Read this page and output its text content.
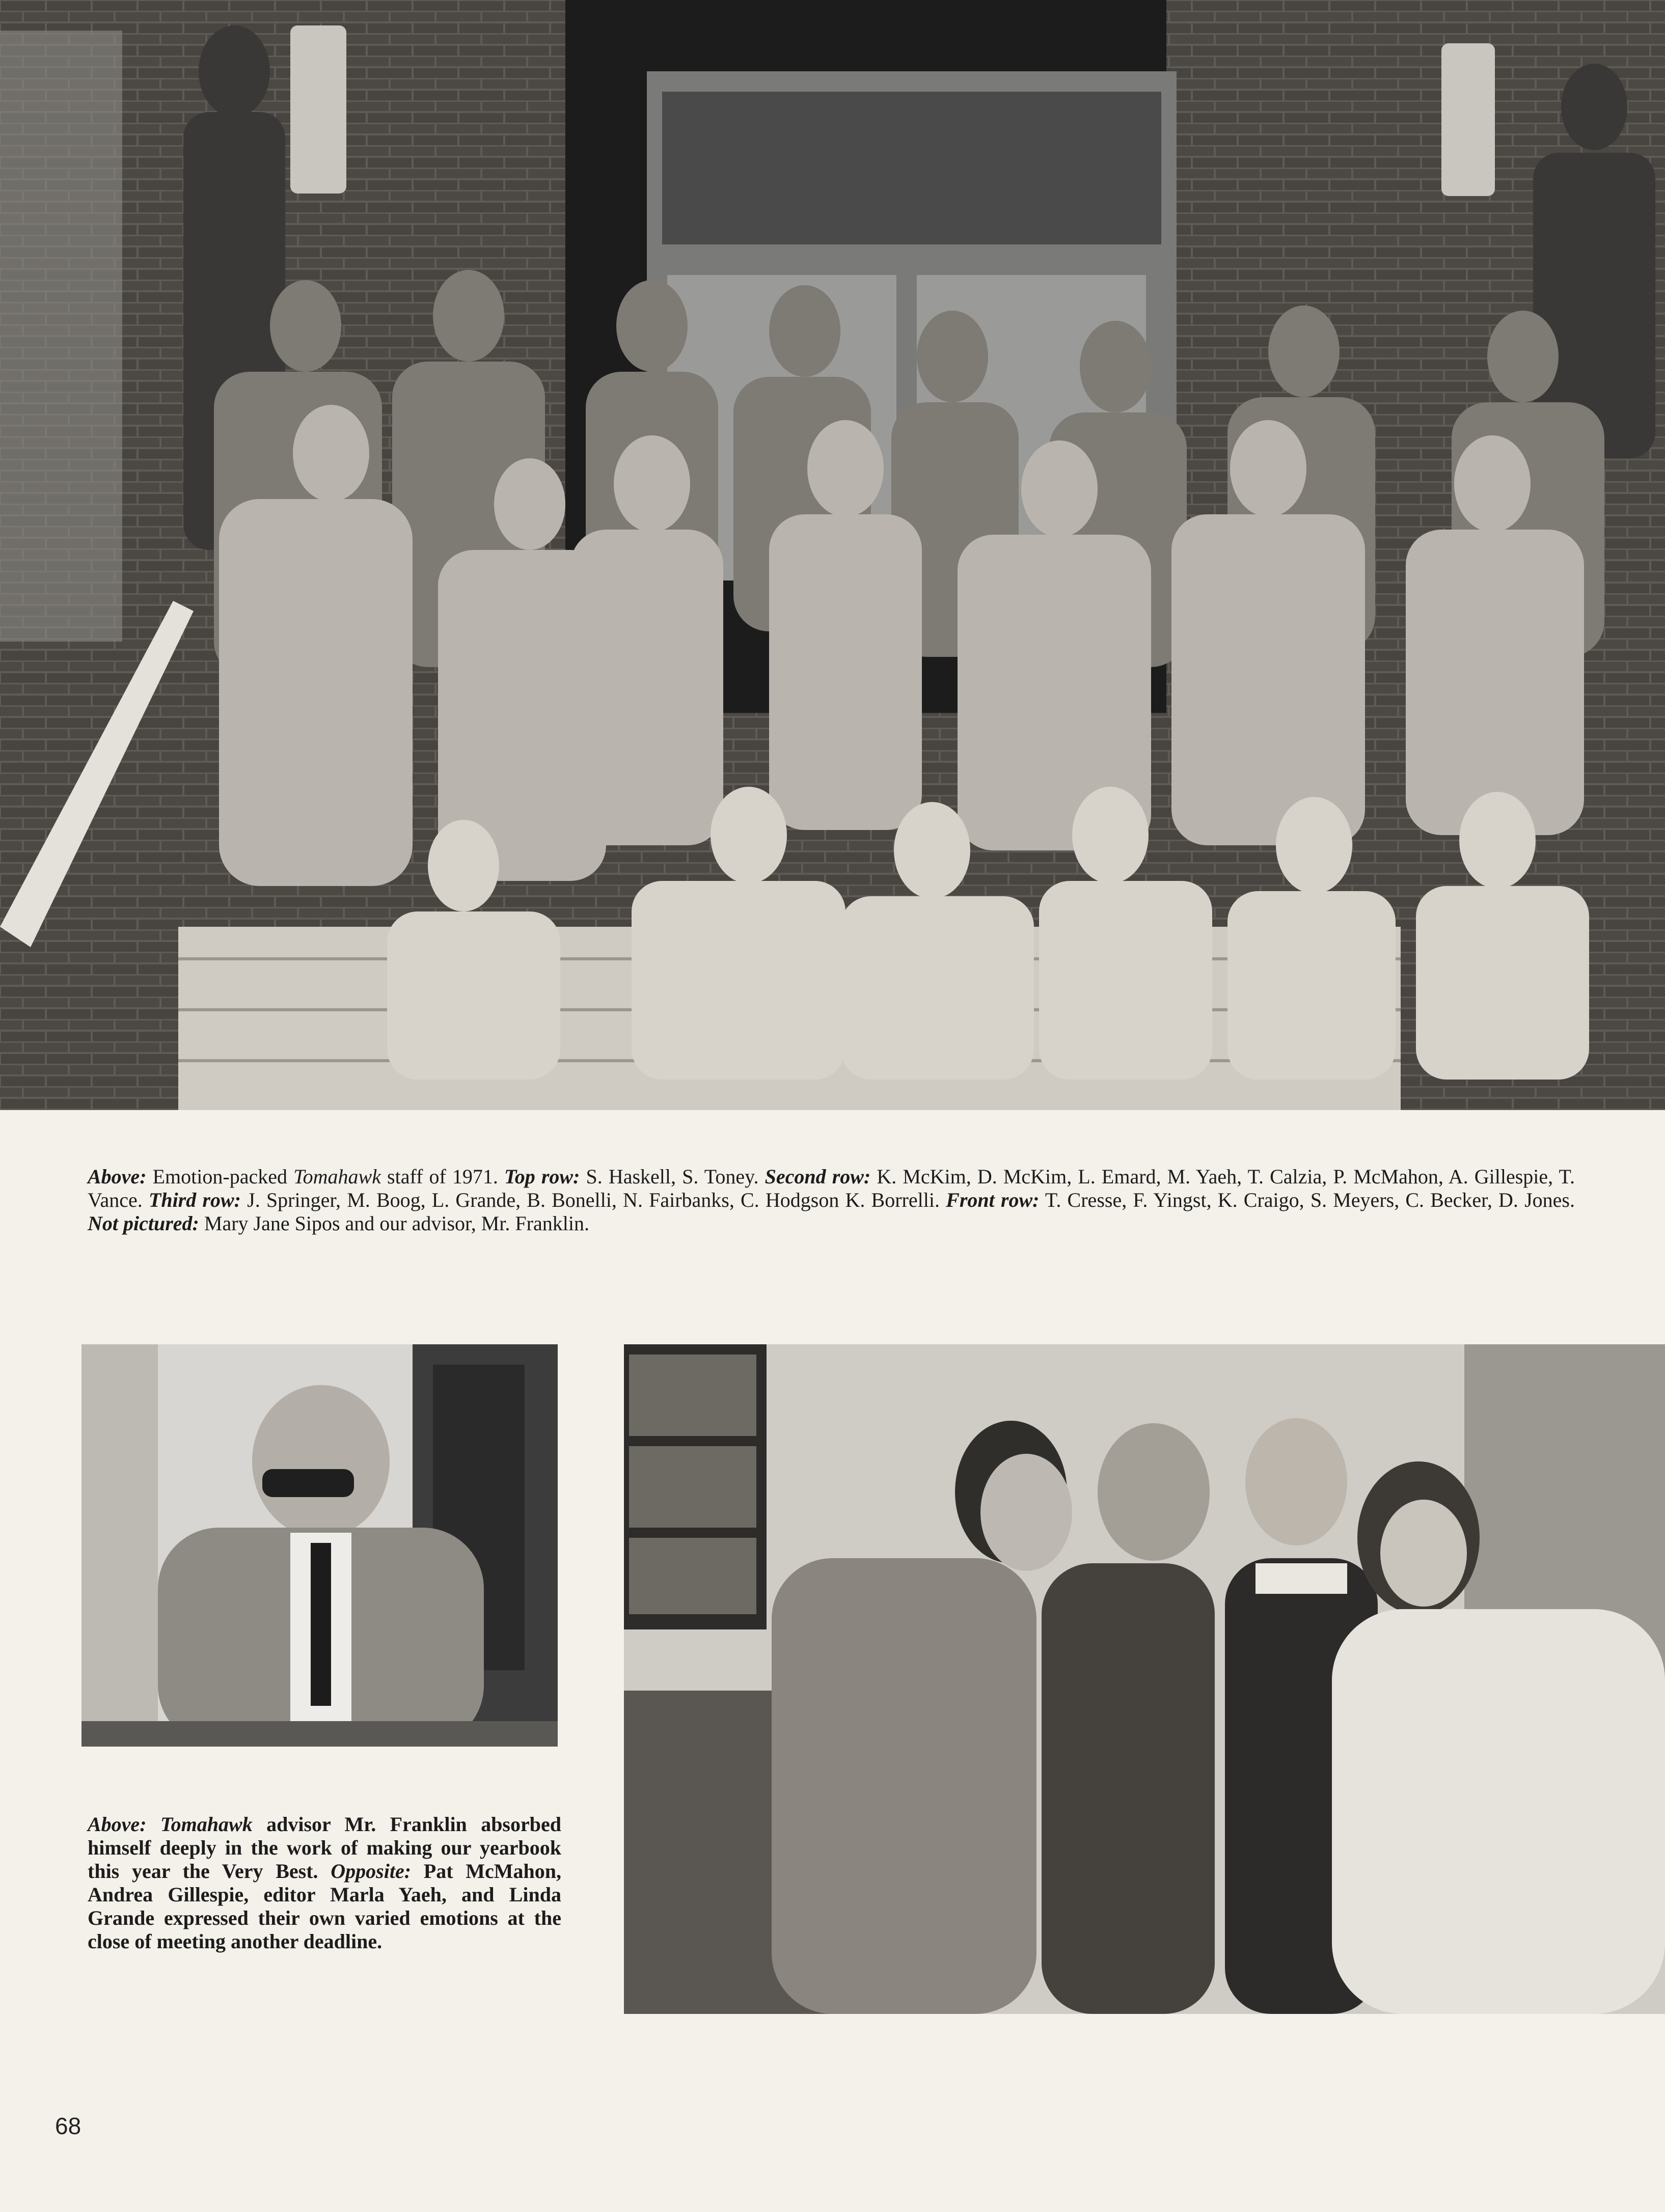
Above: Emotion-packed Tomahawk staff of 1971. Top row: S. Haskell, S. Toney. Second row: K. McKim, D. McKim, L. Emard, M. Yaeh, T. Calzia, P. McMahon, A. Gillespie, T. Vance. Third row: J. Springer, M. Boog, L. Grande, B. Bonelli, N. Fairbanks, C. Hodgson K. Borrelli. Front row: T. Cresse, F. Yingst, K. Craigo, S. Meyers, C. Becker, D. Jones. Not pictured: Mary Jane Sipos and our advisor, Mr. Franklin.
Above: Tomahawk advisor Mr. Franklin absorbed himself deeply in the work of making our yearbook this year the Very Best. Opposite: Pat McMahon, Andrea Gillespie, editor Marla Yaeh, and Linda Grande expressed their own varied emotions at the close of meeting another deadline.
68
